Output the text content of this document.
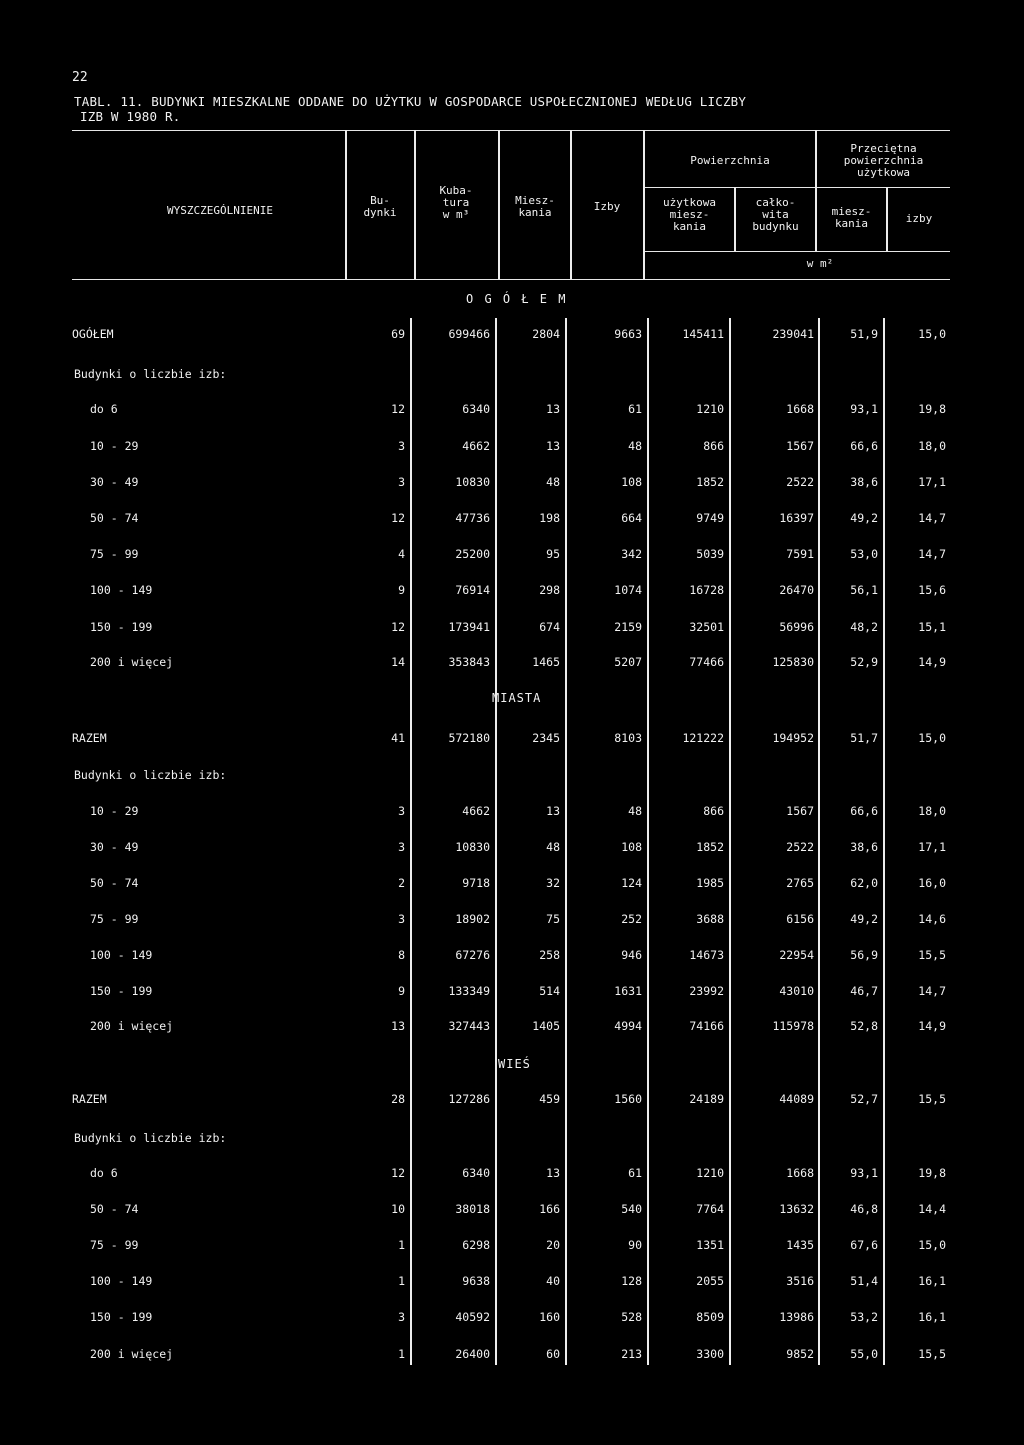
22
TABL. 11. BUDYNKI MIESZKALNE ODDANE DO UŻYTKU W GOSPODARCE USPOŁECZNIONEJ WEDŁUG LICZBY
IZB W 1980 R.
WYSZCZEGÓLNIENIE
Bu-
dynki
Kuba-
tura
w m³
Miesz-
kania	Izby
Powierzchnia
użytkowa
miesz-
kania
całko-
wita
budynku
Przeciętna
powierzchnia
użytkowa
miesz-
kania	izby
w m²
O G Ó Ł E M
MIASTA
WIEŚ
Budynki o liczbie izb:
Budynki o liczbie izb:
Budynki o liczbie izb:
OGÓŁEM	69	699466	2804	9663	145411	239041	51,9	15,0
do 6	12	6340	13	61	1210	1668	93,1	19,8
10 - 29	3	4662	13	48	866	1567	66,6	18,0
30 - 49	3	10830	48	108	1852	2522	38,6	17,1
50 - 74	12	47736	198	664	9749	16397	49,2	14,7
75 - 99	4	25200	95	342	5039	7591	53,0	14,7
100 - 149	9	76914	298	1074	16728	26470	56,1	15,6
150 - 199	12	173941	674	2159	32501	56996	48,2	15,1
200 i więcej	14	353843	1465	5207	77466	125830	52,9	14,9
RAZEM	41	572180	2345	8103	121222	194952	51,7	15,0
10 - 29	3	4662	13	48	866	1567	66,6	18,0
30 - 49	3	10830	48	108	1852	2522	38,6	17,1
50 - 74	2	9718	32	124	1985	2765	62,0	16,0
75 - 99	3	18902	75	252	3688	6156	49,2	14,6
100 - 149	8	67276	258	946	14673	22954	56,9	15,5
150 - 199	9	133349	514	1631	23992	43010	46,7	14,7
200 i więcej	13	327443	1405	4994	74166	115978	52,8	14,9
RAZEM	28	127286	459	1560	24189	44089	52,7	15,5
do 6	12	6340	13	61	1210	1668	93,1	19,8
50 - 74	10	38018	166	540	7764	13632	46,8	14,4
75 - 99	1	6298	20	90	1351	1435	67,6	15,0
100 - 149	1	9638	40	128	2055	3516	51,4	16,1
150 - 199	3	40592	160	528	8509	13986	53,2	16,1
200 i więcej	1	26400	60	213	3300	9852	55,0	15,5
